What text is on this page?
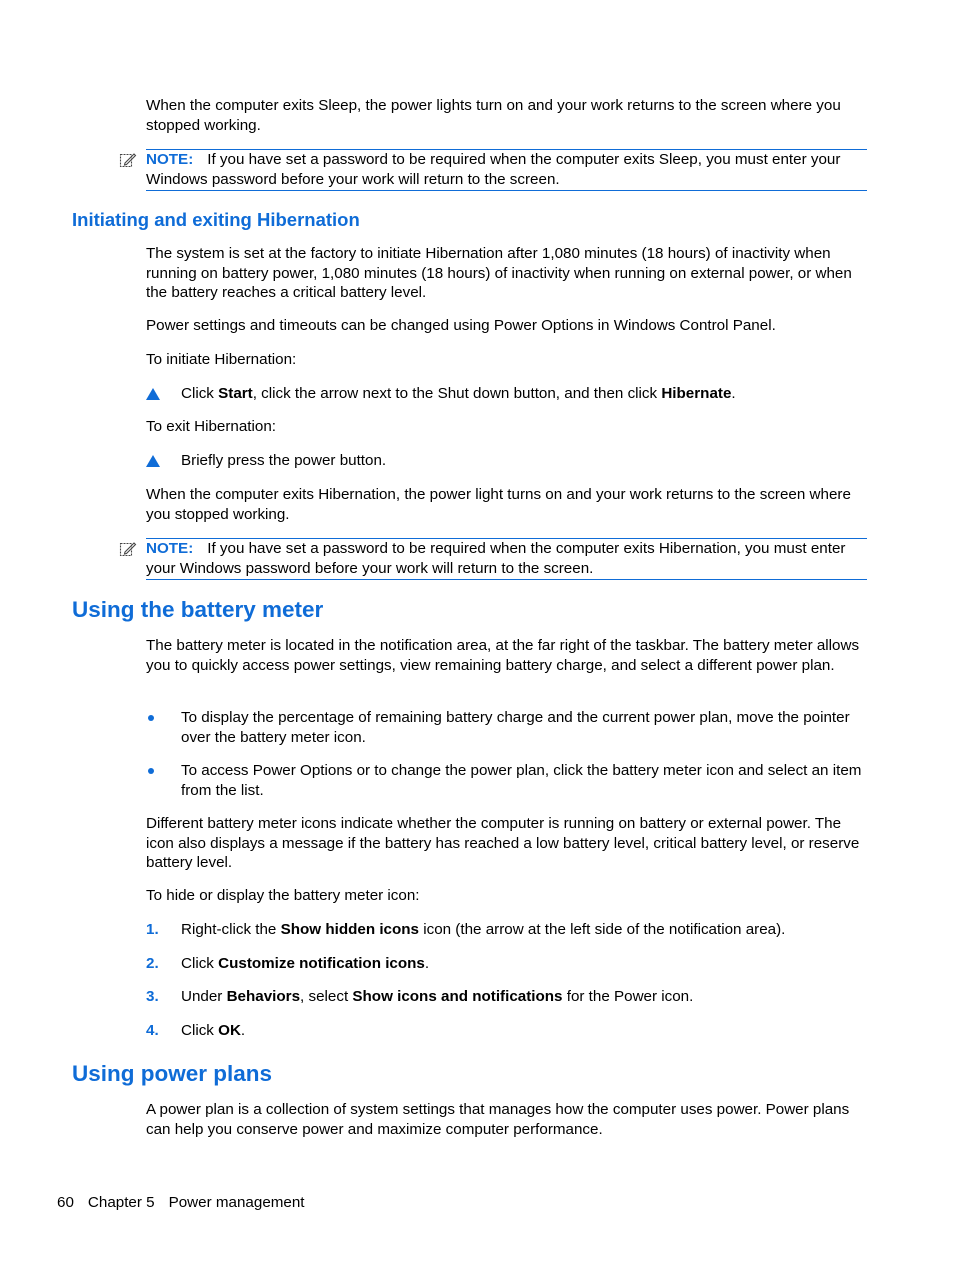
When the computer exits Sleep, the power lights turn on and your work returns to the screen where you stopped working.

NOTE: If you have set a password to be required when the computer exits Sleep, you must enter your Windows password before your work will return to the screen.
Initiating and exiting Hibernation

The system is set at the factory to initiate Hibernation after 1,080 minutes (18 hours) of inactivity when running on battery power, 1,080 minutes (18 hours) of inactivity when running on external power, or when the battery reaches a critical battery level.

Power settings and timeouts can be changed using Power Options in Windows Control Panel.

To initiate Hibernation:

Click Start, click the arrow next to the Shut down button, and then click Hibernate.

To exit Hibernation:

Briefly press the power button.

When the computer exits Hibernation, the power light turns on and your work returns to the screen where you stopped working.

NOTE: If you have set a password to be required when the computer exits Hibernation, you must enter your Windows password before your work will return to the screen.
Using the battery meter

The battery meter is located in the notification area, at the far right of the taskbar. The battery meter allows you to quickly access power settings, view remaining battery charge, and select a different power plan.

To display the percentage of remaining battery charge and the current power plan, move the pointer over the battery meter icon.

To access Power Options or to change the power plan, click the battery meter icon and select an item from the list.

Different battery meter icons indicate whether the computer is running on battery or external power. The icon also displays a message if the battery has reached a low battery level, critical battery level, or reserve battery level.

To hide or display the battery meter icon:

1. Right-click the Show hidden icons icon (the arrow at the left side of the notification area).

2. Click Customize notification icons.

3. Under Behaviors, select Show icons and notifications for the Power icon.

4. Click OK.

Using power plans

A power plan is a collection of system settings that manages how the computer uses power. Power plans can help you conserve power and maximize computer performance.

60 Chapter 5 Power management
